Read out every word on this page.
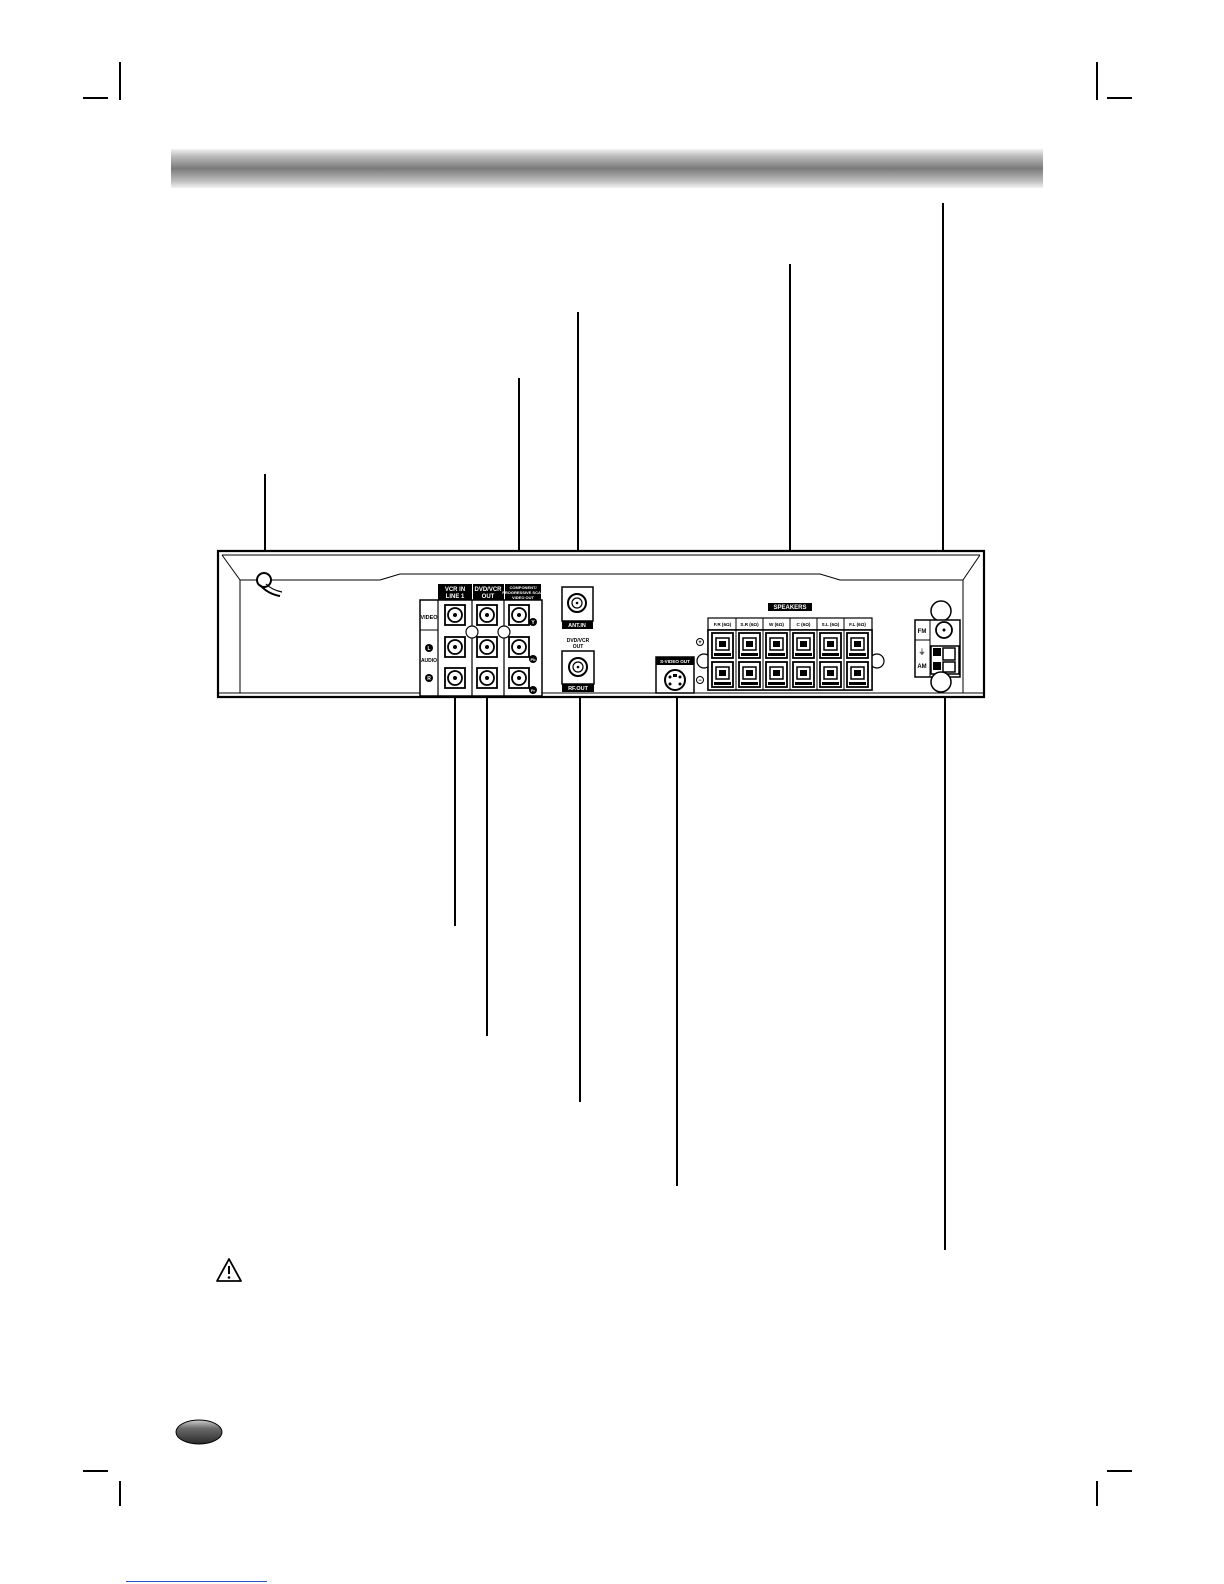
VCR IN
LINE 1
DVD/VCR
OUT
COMPONENT/
PROGRESSIVE SCAN
VIDEO OUT
VIDEO
AUDIO
L
R
Y
Pb
Pr
ANT.IN
DVD/VCR
OUT
RF.OUT
S-VIDEO OUT
SPEAKERS
+
−
F.R (6Ω) S.R (6Ω) W (6Ω)	C (6Ω) S.L (6Ω) F.L (6Ω)
FM
⏚
AM
